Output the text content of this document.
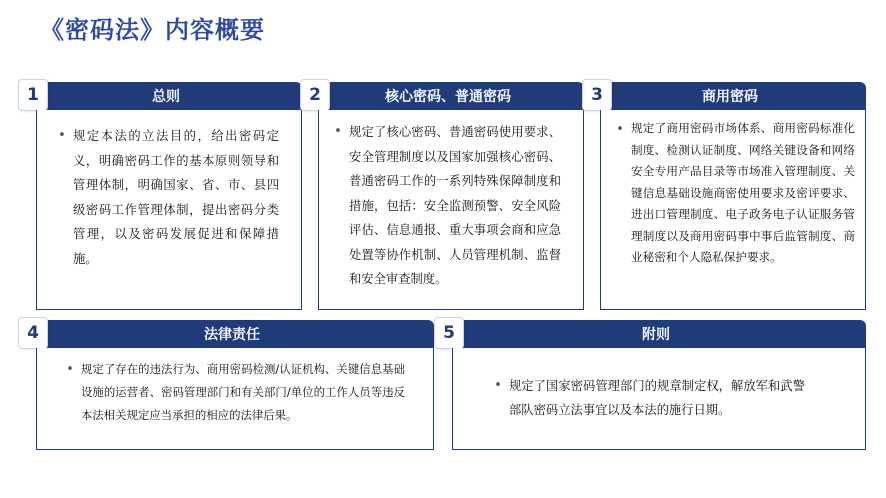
《密码法》内容概要
总则
1
• 规定本法的立法目的，给出密码定义，明确密码工作的基本原则领导和管理体制，明确国家、省、市、县四级密码工作管理体制，提出密码分类管理，以及密码发展促进和保障措施。
核心密码、普通密码
2
• 规定了核心密码、普通密码使用要求、安全管理制度以及国家加强核心密码、普通密码工作的一系列特殊保障制度和措施，包括：安全监测预警、安全风险评估、信息通报、重大事项会商和应急处置等协作机制、人员管理机制、监督和安全审查制度。
商用密码
3
• 规定了商用密码市场体系、商用密码标准化制度、检测认证制度、网络关键设备和网络安全专用产品目录等市场准入管理制度、关键信息基础设施商密使用要求及密评要求、进出口管理制度、电子政务电子认证服务管理制度以及商用密码事中事后监管制度、商业秘密和个人隐私保护要求。
法律责任
4
• 规定了存在的违法行为、商用密码检测/认证机构、关键信息基础设施的运营者、密码管理部门和有关部门/单位的工作人员等违反本法相关规定应当承担的相应的法律后果。
附则
5
• 规定了国家密码管理部门的规章制定权，解放军和武警部队密码立法事宜以及本法的施行日期。
